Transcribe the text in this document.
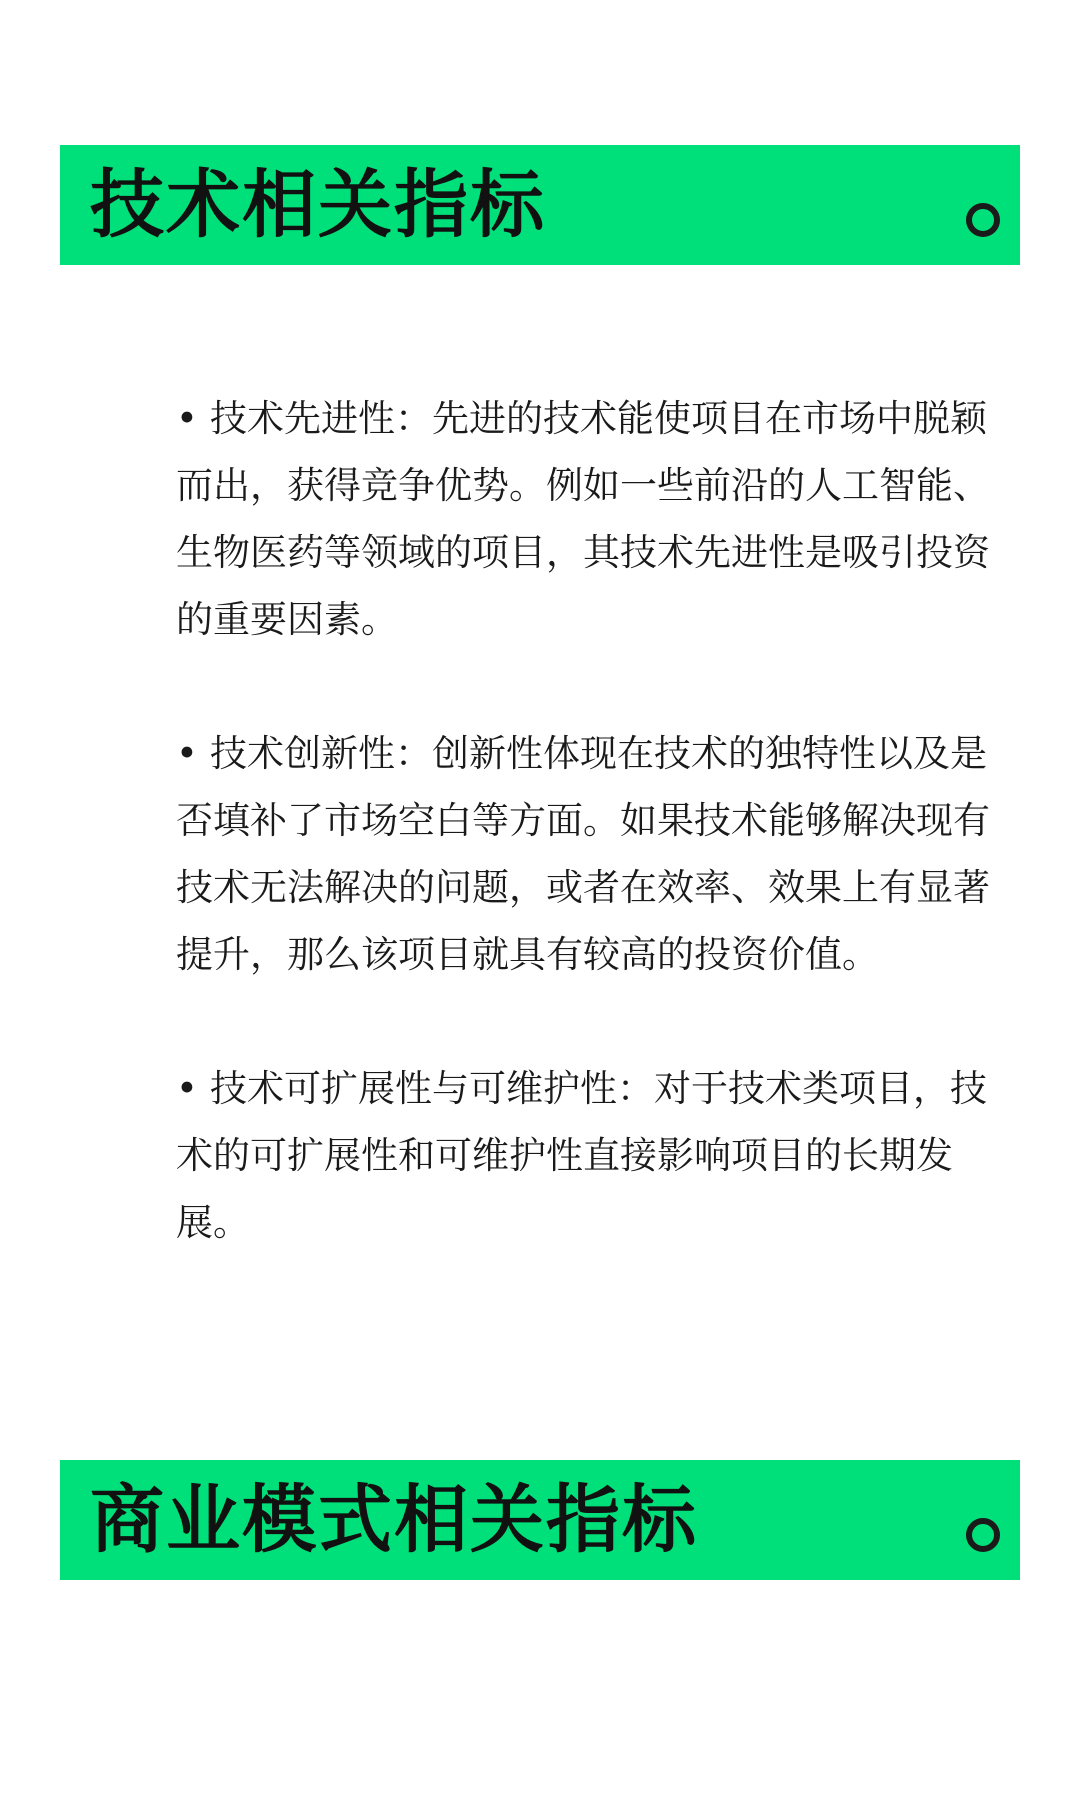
技术相关指标

• 技术先进性：先进的技术能使项目在市场中脱颖而出，获得竞争优势。例如一些前沿的人工智能、生物医药等领域的项目，其技术先进性是吸引投资的重要因素。

• 技术创新性：创新性体现在技术的独特性以及是否填补了市场空白等方面。如果技术能够解决现有技术无法解决的问题，或者在效率、效果上有显著提升，那么该项目就具有较高的投资价值。

• 技术可扩展性与可维护性：对于技术类项目，技术的可扩展性和可维护性直接影响项目的长期发展。

商业模式相关指标
